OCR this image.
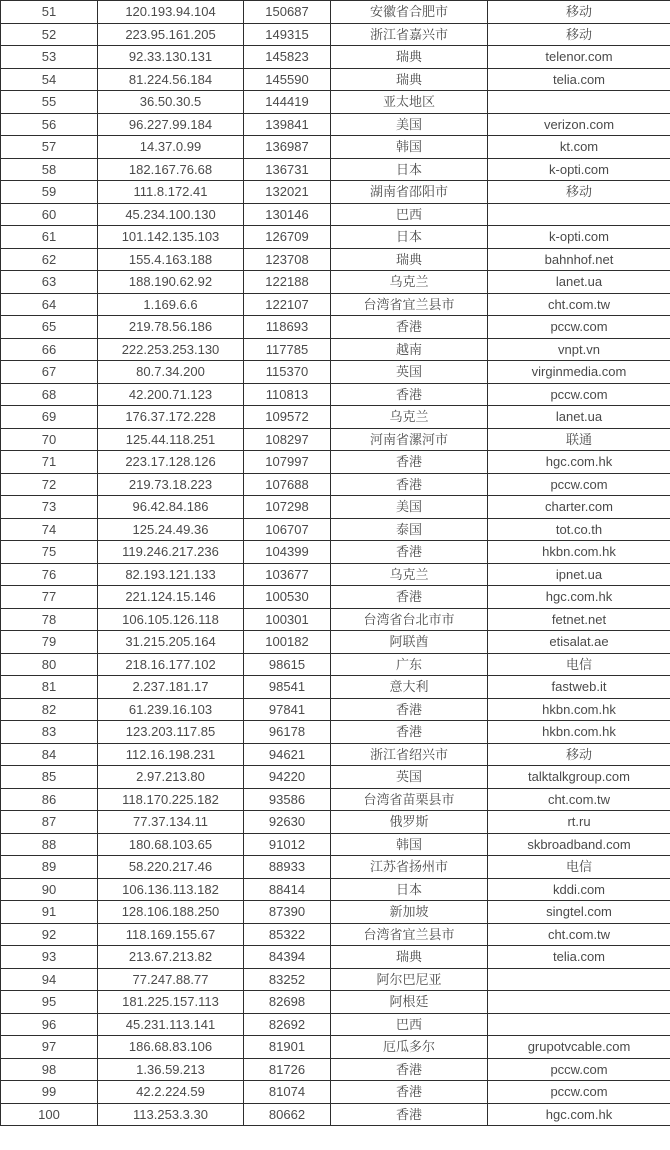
51	120.193.94.104	150687	安徽省合肥市	移动
52	223.95.161.205	149315	浙江省嘉兴市	移动
53	92.33.130.131	145823	瑞典	telenor.com
54	81.224.56.184	145590	瑞典	telia.com
55	36.50.30.5	144419	亚太地区	
56	96.227.99.184	139841	美国	verizon.com
57	14.37.0.99	136987	韩国	kt.com
58	182.167.76.68	136731	日本	k-opti.com
59	111.8.172.41	132021	湖南省邵阳市	移动
60	45.234.100.130	130146	巴西	
61	101.142.135.103	126709	日本	k-opti.com
62	155.4.163.188	123708	瑞典	bahnhof.net
63	188.190.62.92	122188	乌克兰	lanet.ua
64	1.169.6.6	122107	台湾省宜兰县市	cht.com.tw
65	219.78.56.186	118693	香港	pccw.com
66	222.253.253.130	117785	越南	vnpt.vn
67	80.7.34.200	115370	英国	virginmedia.com
68	42.200.71.123	110813	香港	pccw.com
69	176.37.172.228	109572	乌克兰	lanet.ua
70	125.44.118.251	108297	河南省漯河市	联通
71	223.17.128.126	107997	香港	hgc.com.hk
72	219.73.18.223	107688	香港	pccw.com
73	96.42.84.186	107298	美国	charter.com
74	125.24.49.36	106707	泰国	tot.co.th
75	119.246.217.236	104399	香港	hkbn.com.hk
76	82.193.121.133	103677	乌克兰	ipnet.ua
77	221.124.15.146	100530	香港	hgc.com.hk
78	106.105.126.118	100301	台湾省台北市市	fetnet.net
79	31.215.205.164	100182	阿联酋	etisalat.ae
80	218.16.177.102	98615	广东	电信
81	2.237.181.17	98541	意大利	fastweb.it
82	61.239.16.103	97841	香港	hkbn.com.hk
83	123.203.117.85	96178	香港	hkbn.com.hk
84	112.16.198.231	94621	浙江省绍兴市	移动
85	2.97.213.80	94220	英国	talktalkgroup.com
86	118.170.225.182	93586	台湾省苗栗县市	cht.com.tw
87	77.37.134.11	92630	俄罗斯	rt.ru
88	180.68.103.65	91012	韩国	skbroadband.com
89	58.220.217.46	88933	江苏省扬州市	电信
90	106.136.113.182	88414	日本	kddi.com
91	128.106.188.250	87390	新加坡	singtel.com
92	118.169.155.67	85322	台湾省宜兰县市	cht.com.tw
93	213.67.213.82	84394	瑞典	telia.com
94	77.247.88.77	83252	阿尔巴尼亚	
95	181.225.157.113	82698	阿根廷	
96	45.231.113.141	82692	巴西	
97	186.68.83.106	81901	厄瓜多尔	grupotvcable.com
98	1.36.59.213	81726	香港	pccw.com
99	42.2.224.59	81074	香港	pccw.com
100	113.253.3.30	80662	香港	hgc.com.hk
